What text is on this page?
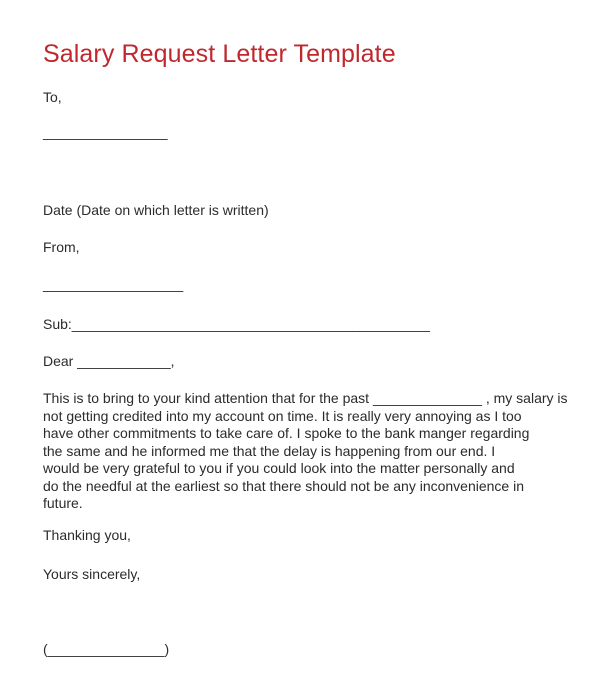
Salary Request Letter Template
To,
________________
Date (Date on which letter is written)
From,
__________________
Sub:______________________________________________
Dear ____________,
This is to bring to your kind attention that for the past ______________ , my salary is
not getting credited into my account on time. It is really very annoying as I too
have other commitments to take care of. I spoke to the bank manger regarding
the same and he informed me that the delay is happening from our end. I
would be very grateful to you if you could look into the matter personally and
do the needful at the earliest so that there should not be any inconvenience in
future.
Thanking you,
Yours sincerely,
(_______________)
